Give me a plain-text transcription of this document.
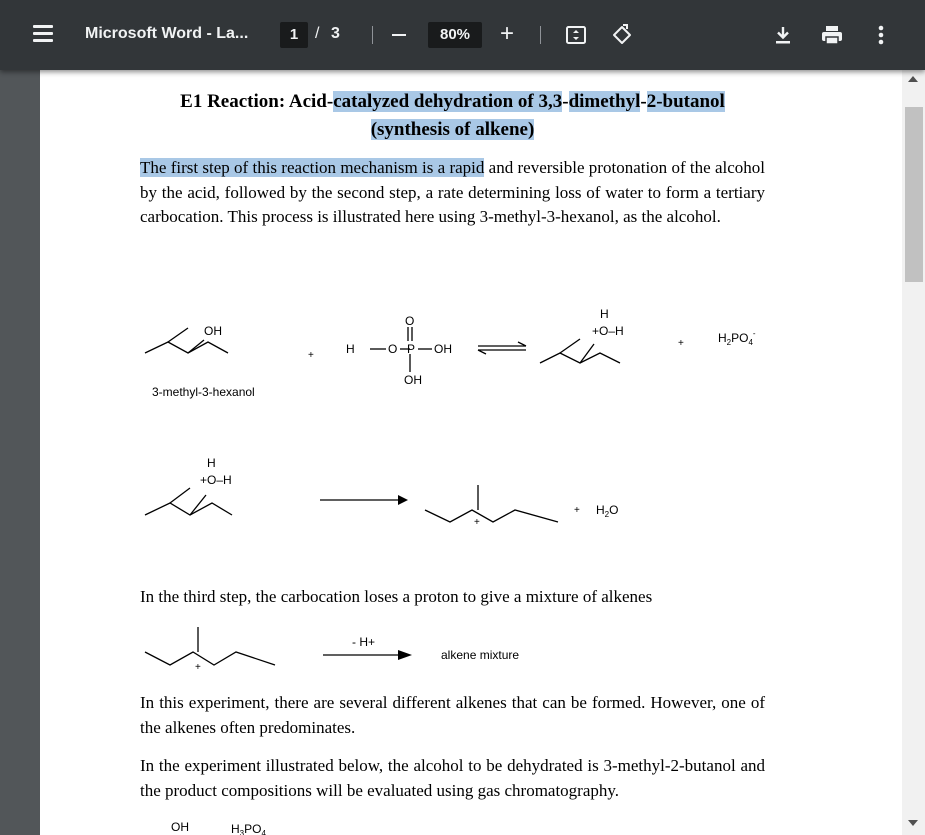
Microsoft Word - La...	1	/ 3	80%	+
E1 Reaction: Acid-catalyzed dehydration of 3,3-dimethyl-2-butanol
(synthesis of alkene)
The first step of this reaction mechanism is a rapid and reversible protonation of the alcohol by the acid, followed by the second step, a rate determining loss of water to form a tertiary carbocation. This process is illustrated here using 3-methyl-3-hexanol, as the alcohol.
OH
3-methyl-3-hexanol
+
O
H	O P OH
OH
H
+O–H
+	$H_2PO_4^-$
H
+O–H
+
+ $H_2O$
In the third step, the carbocation loses a proton to give a mixture of alkenes
+
- H+
alkene mixture
In this experiment, there are several different alkenes that can be formed. However, one of the alkenes often predominates.
In the experiment illustrated below, the alcohol to be dehydrated is 3-methyl-2-butanol and the product compositions will be evaluated using gas chromatography.
OH	$H_3PO_4$
